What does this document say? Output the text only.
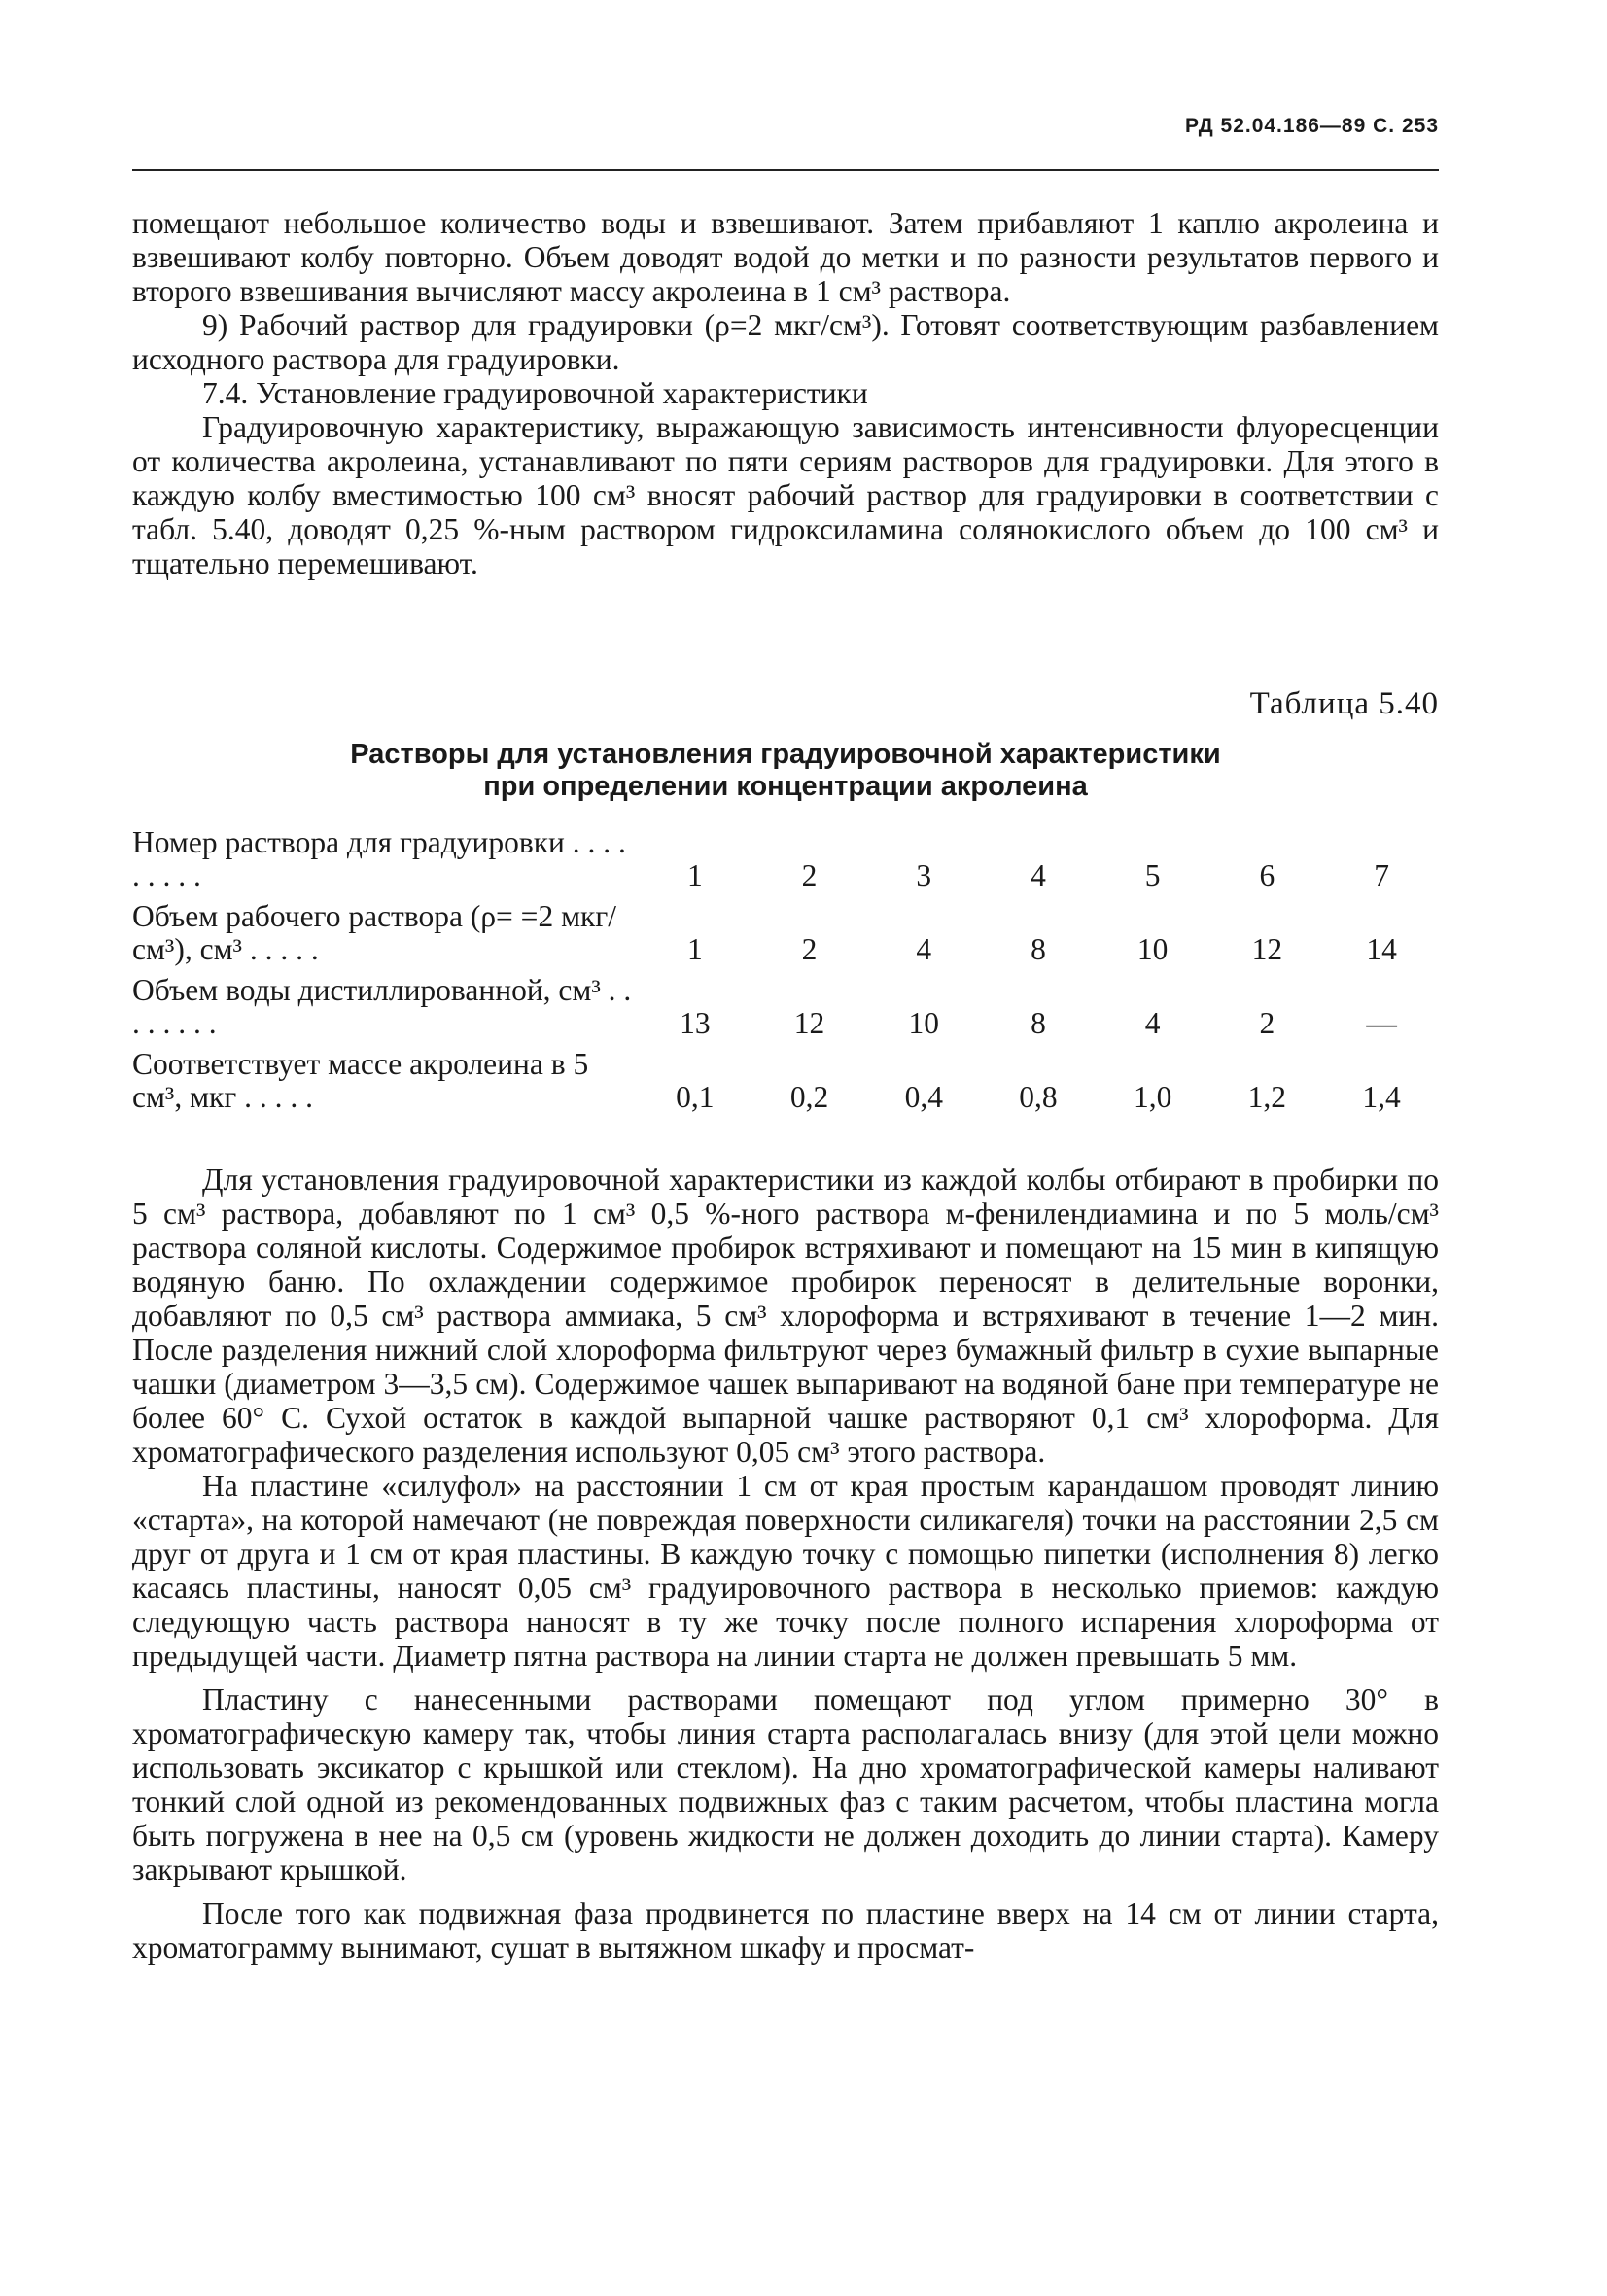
РД 52.04.186—89 С. 253

помещают небольшое количество воды и взвешивают. Затем прибавляют 1 каплю акролеина и взвешивают колбу повторно. Объем доводят водой до метки и по разности результатов первого и второго взвешивания вычисляют массу акролеина в 1 см³ раствора.

9) Рабочий раствор для градуировки (ρ=2 мкг/см³). Готовят соответствующим разбавлением исходного раствора для градуировки.

7.4. Установление градуировочной характеристики

Градуировочную характеристику, выражающую зависимость интенсивности флуоресценции от количества акролеина, устанавливают по пяти сериям растворов для градуировки. Для этого в каждую колбу вместимостью 100 см³ вносят рабочий раствор для градуировки в соответствии с табл. 5.40, доводят 0,25 %-ным раствором гидроксиламина солянокислого объем до 100 см³ и тщательно перемешивают.

Таблица 5.40
Растворы для установления градуировочной характеристики
при определении концентрации акролеина
Номер раствора для градуировки . . . . . . . . .	1	2	3	4	5	6	7
Объем рабочего раствора (ρ= =2 мкг/см³), см³ . . . . .	1	2	4	8	10	12	14
Объем воды дистиллированной, см³ . . . . . . . .	13	12	10	8	4	2	—
Соответствует массе акролеина в 5 см³, мкг . . . . .	0,1	0,2	0,4	0,8	1,0	1,2	1,4

Для установления градуировочной характеристики из каждой колбы отбирают в пробирки по 5 см³ раствора, добавляют по 1 см³ 0,5 %-ного раствора м-фенилендиамина и по 5 моль/см³ раствора соляной кислоты. Содержимое пробирок встряхивают и помещают на 15 мин в кипящую водяную баню. По охлаждении содержимое пробирок переносят в делительные воронки, добавляют по 0,5 см³ раствора аммиака, 5 см³ хлороформа и встряхивают в течение 1—2 мин. После разделения нижний слой хлороформа фильтруют через бумажный фильтр в сухие выпарные чашки (диаметром 3—3,5 см). Содержимое чашек выпаривают на водяной бане при температуре не более 60° С. Сухой остаток в каждой выпарной чашке растворяют 0,1 см³ хлороформа. Для хроматографического разделения используют 0,05 см³ этого раствора.

На пластине «силуфол» на расстоянии 1 см от края простым карандашом проводят линию «старта», на которой намечают (не повреждая поверхности силикагеля) точки на расстоянии 2,5 см друг от друга и 1 см от края пластины. В каждую точку с помощью пипетки (исполнения 8) легко касаясь пластины, наносят 0,05 см³ градуировочного раствора в несколько приемов: каждую следующую часть раствора наносят в ту же точку после полного испарения хлороформа от предыдущей части. Диаметр пятна раствора на линии старта не должен превышать 5 мм.

Пластину с нанесенными растворами помещают под углом примерно 30° в хроматографическую камеру так, чтобы линия старта располагалась внизу (для этой цели можно использовать эксикатор с крышкой или стеклом). На дно хроматографической камеры наливают тонкий слой одной из рекомендованных подвижных фаз с таким расчетом, чтобы пластина могла быть погружена в нее на 0,5 см (уровень жидкости не должен доходить до линии старта). Камеру закрывают крышкой.

После того как подвижная фаза продвинется по пластине вверх на 14 см от линии старта, хроматограмму вынимают, сушат в вытяжном шкафу и просмат-
